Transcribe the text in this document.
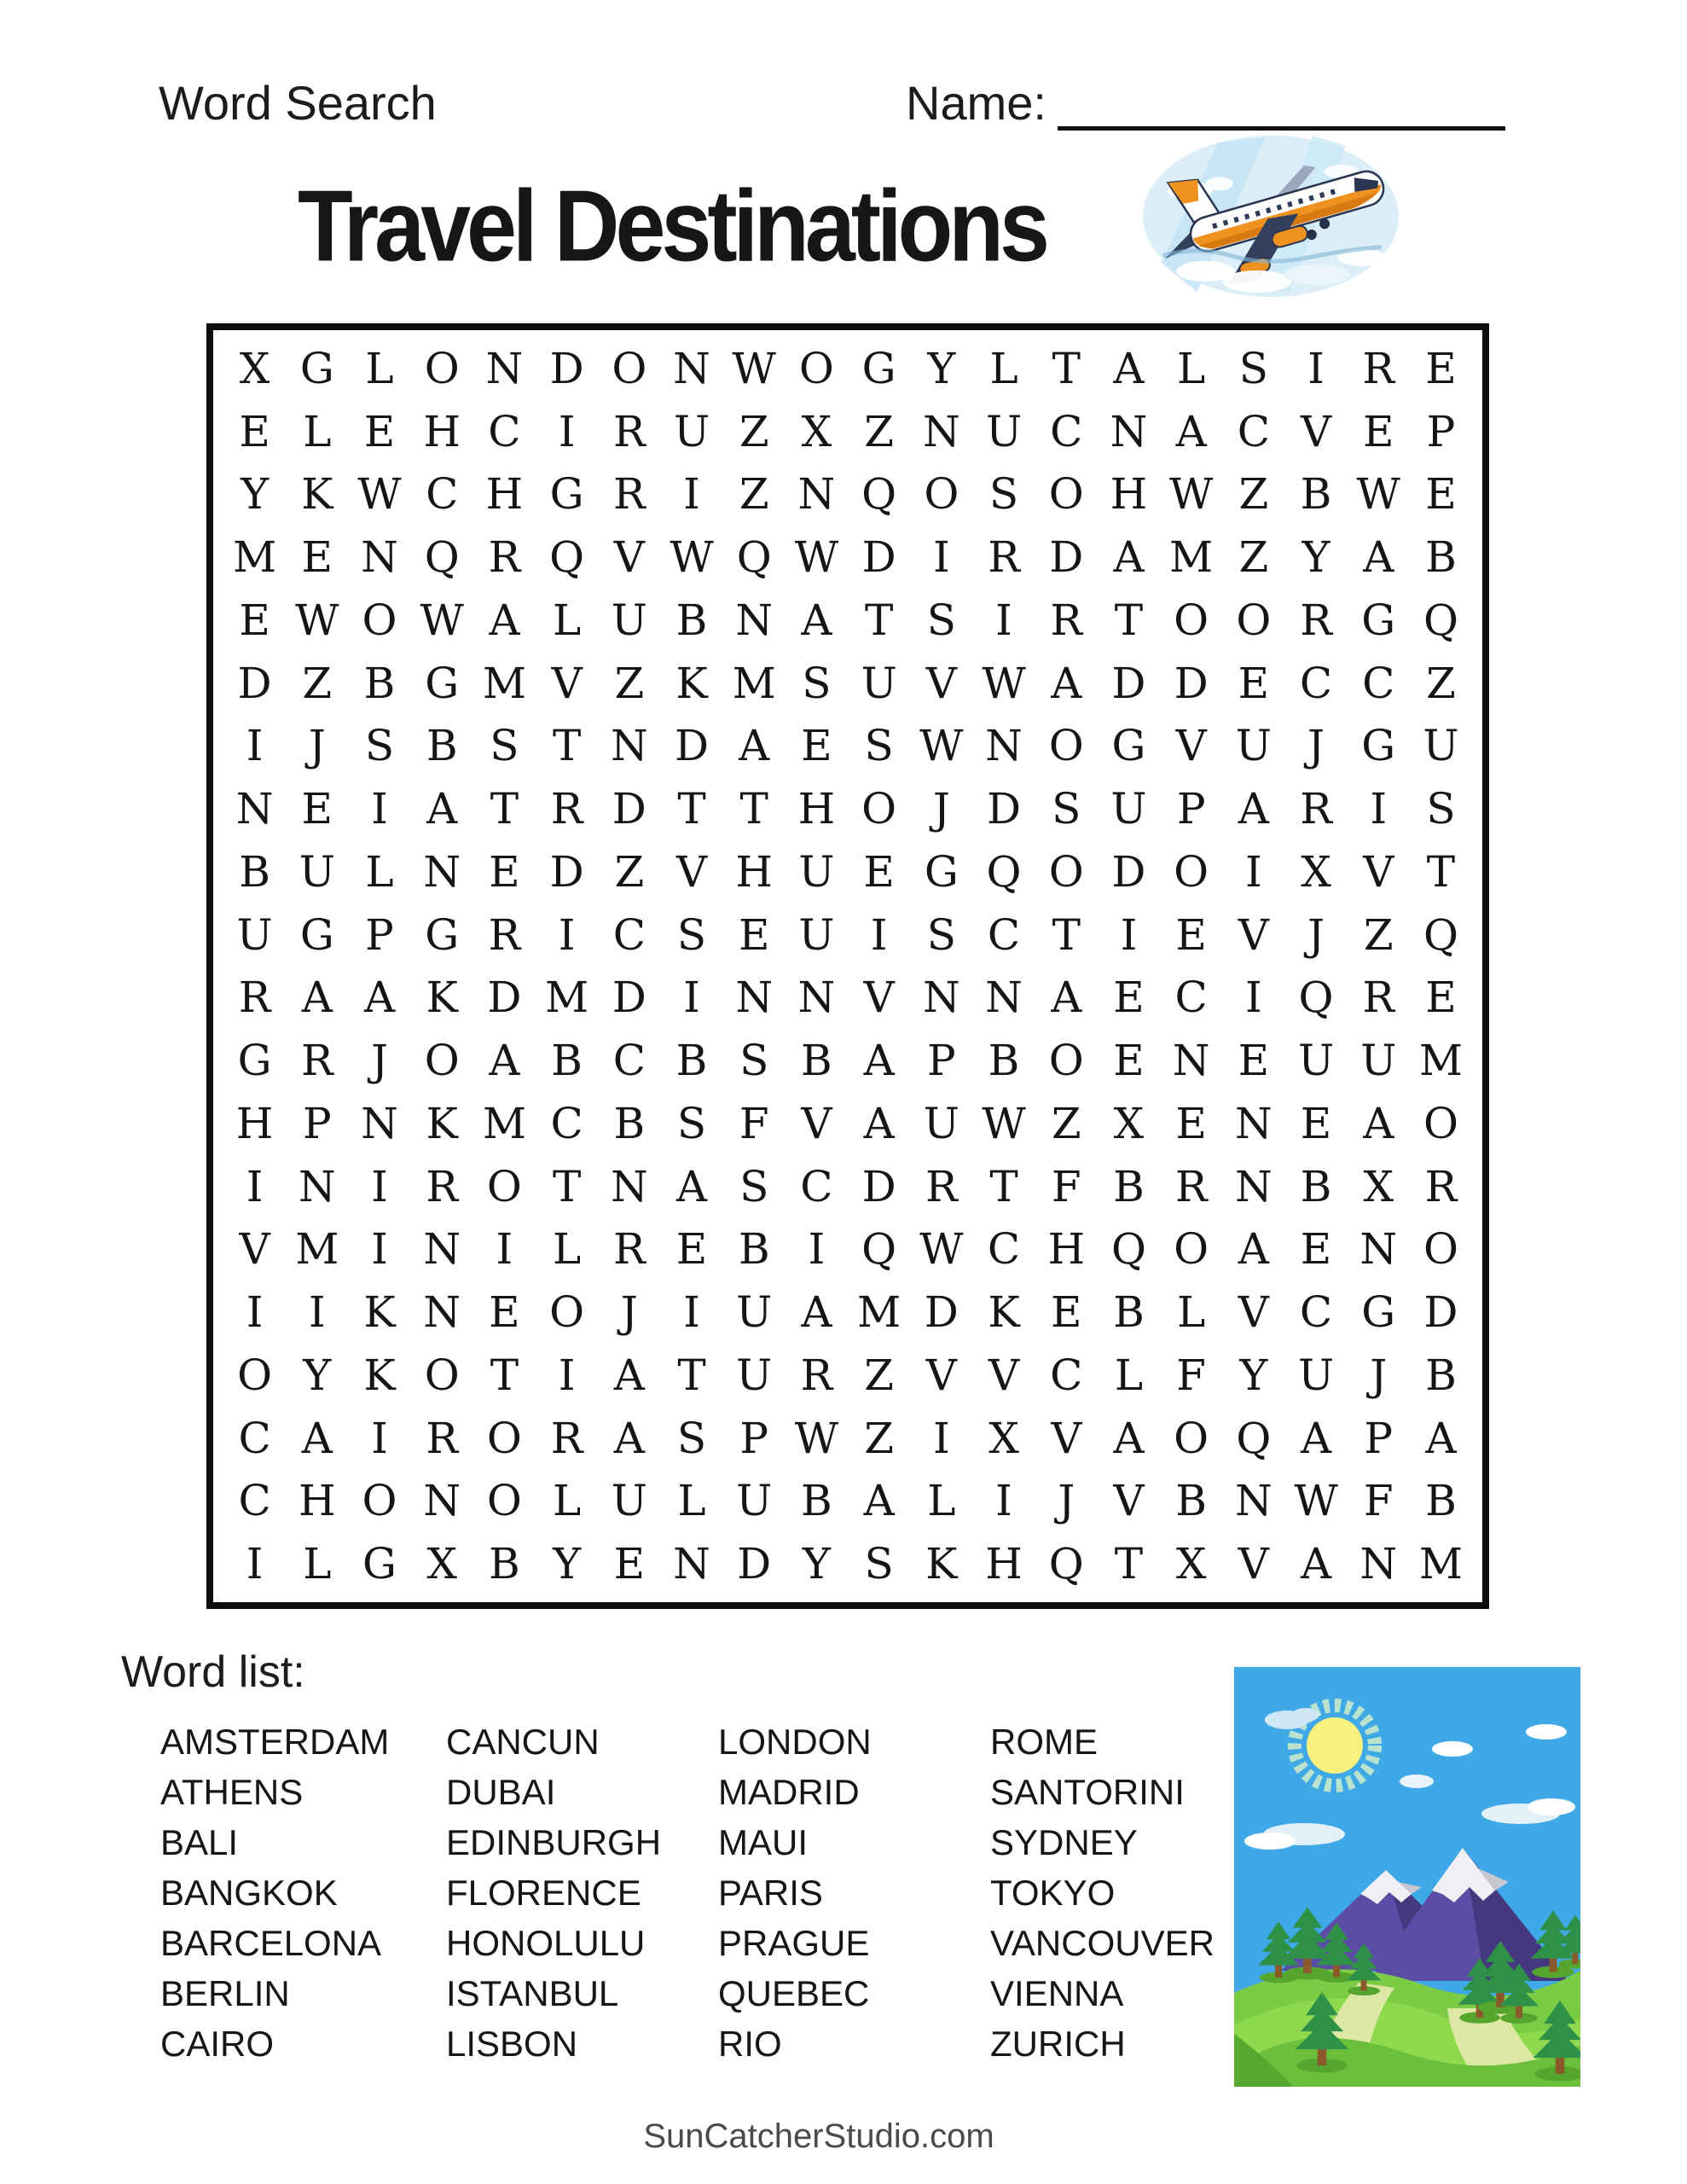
Word Search	Name:
Travel Destinations
X G L O N D O N W O G Y L T A L S I R E
E L E H C I R U Z X Z N U C N A C V E P
Y K W C H G R I Z N Q O S O H W Z B W E
M E N Q R Q V W Q W D I R D A M Z Y A B
E W O W A L U B N A T S I R T O O R G Q
D Z B G M V Z K M S U V W A D D E C C Z
I	J S B S T N D A E S W N O G V U J G U
N E I A T R D T T H O J D S U P A R I S
B U L N E D Z V H U E G Q O D O I X V T
U G P G R I C S E U I S C T I E V J Z Q
R A A K D M D I N N V N N A E C I Q R E
G R J O A B C B S B A P B O E N E U U M
H P N K M C B S F V A U W Z X E N E A O
I N I R O T N A S C D R T F B R N B X R
V M I N I L R E B I Q W C H Q O A E N O
I	I K N E O J	I U A M D K E B L V C G D
O Y K O T I A T U R Z V V C L F Y U J B
C A I R O R A S P W Z I X V A O Q A P A
C H O N O L U L U B A L I	J V B N W F B
I L G X B Y E N D Y S K H Q T X V A N M
Word list:
AMSTERDAM
ATHENS
BALI
BANGKOK
BARCELONA
BERLIN
CAIRO
CANCUN
DUBAI
EDINBURGH
FLORENCE
HONOLULU
ISTANBUL
LISBON
LONDON
MADRID
MAUI
PARIS
PRAGUE
QUEBEC
RIO
ROME
SANTORINI
SYDNEY
TOKYO
VANCOUVER
VIENNA
ZURICH
SunCatcherStudio.com
